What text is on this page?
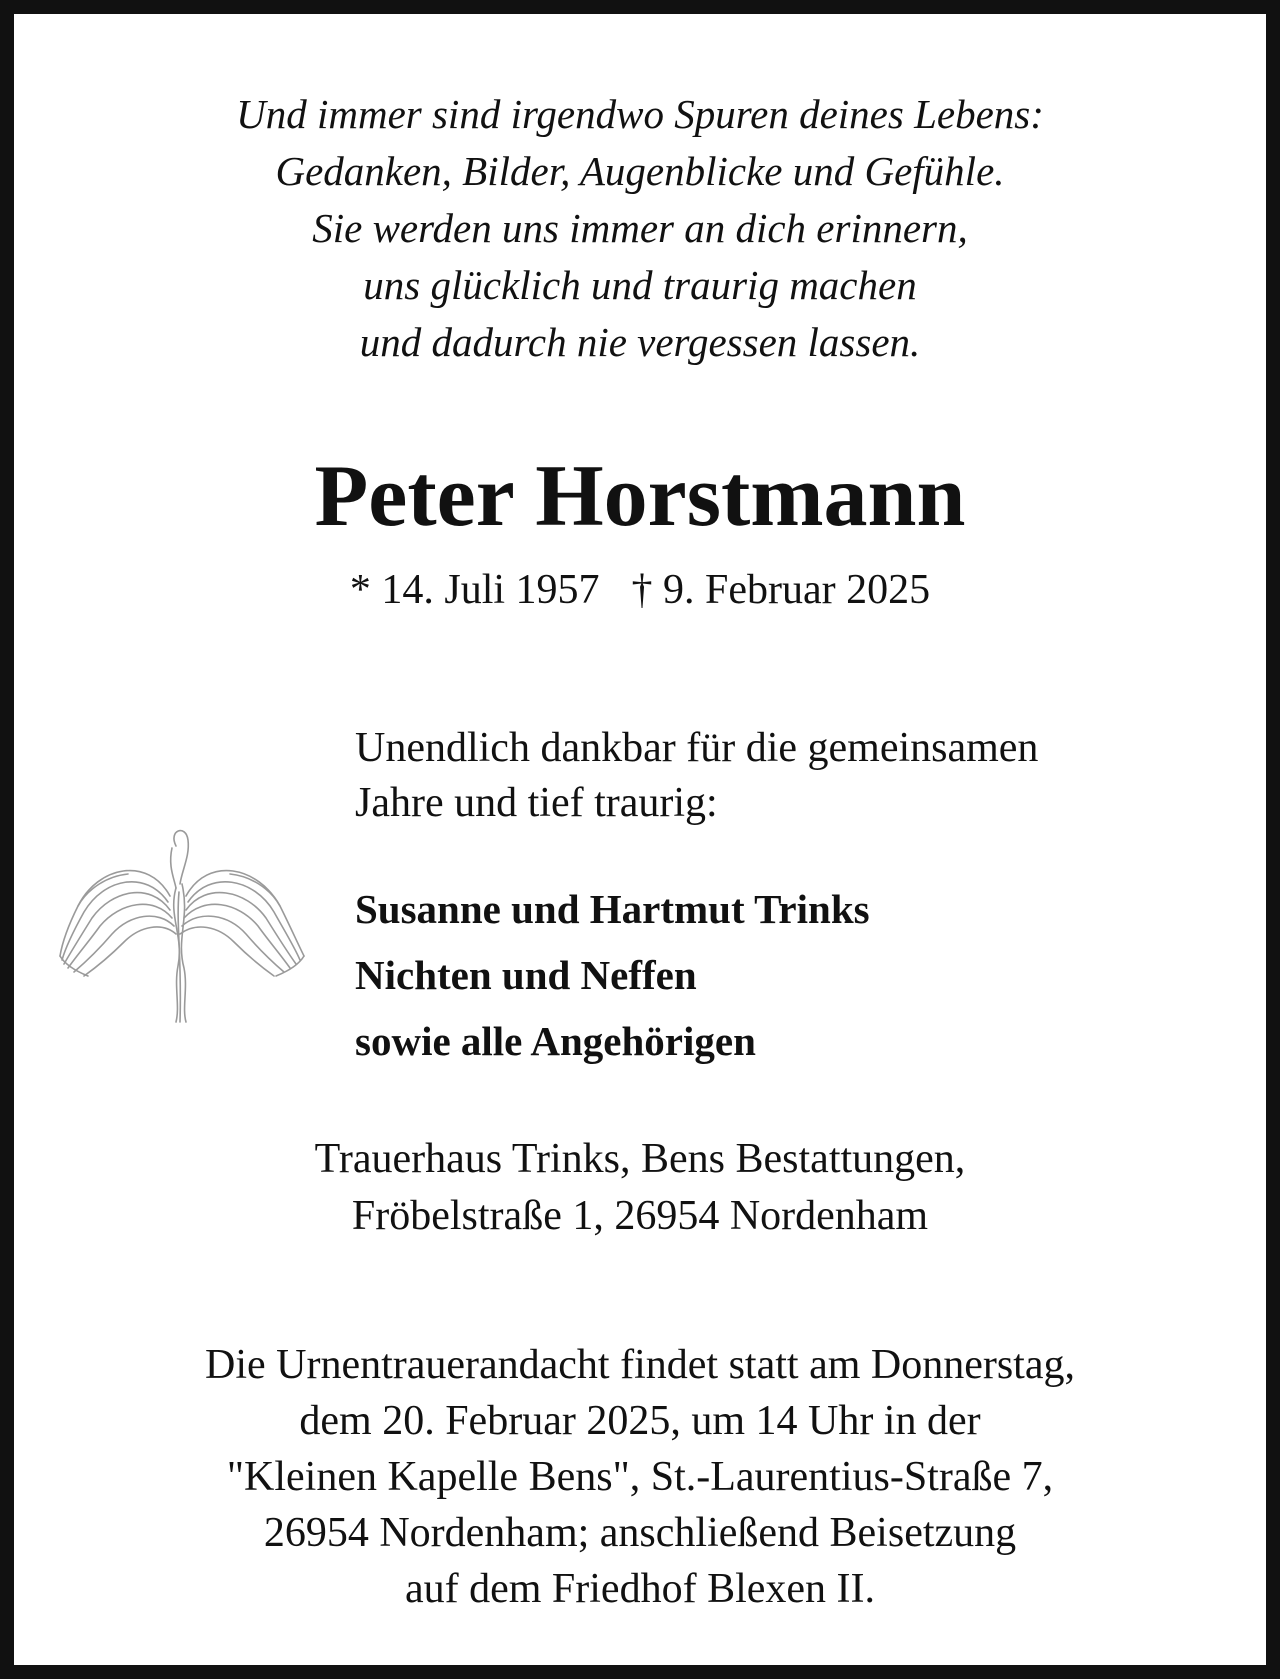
Und immer sind irgendwo Spuren deines Lebens:
Gedanken, Bilder, Augenblicke und Gefühle.
Sie werden uns immer an dich erinnern,
uns glücklich und traurig machen
und dadurch nie vergessen lassen.
Peter Horstmann
* 14. Juli 1957 † 9. Februar 2025
Unendlich dankbar für die gemeinsamen
Jahre und tief traurig:
Susanne und Hartmut Trinks
Nichten und Neffen
sowie alle Angehörigen
Trauerhaus Trinks, Bens Bestattungen,
Fröbelstraße 1, 26954 Nordenham
Die Urnentrauerandacht findet statt am Donnerstag,
dem 20. Februar 2025, um 14 Uhr in der
"Kleinen Kapelle Bens", St.-Laurentius-Straße 7,
26954 Nordenham; anschließend Beisetzung
auf dem Friedhof Blexen II.
